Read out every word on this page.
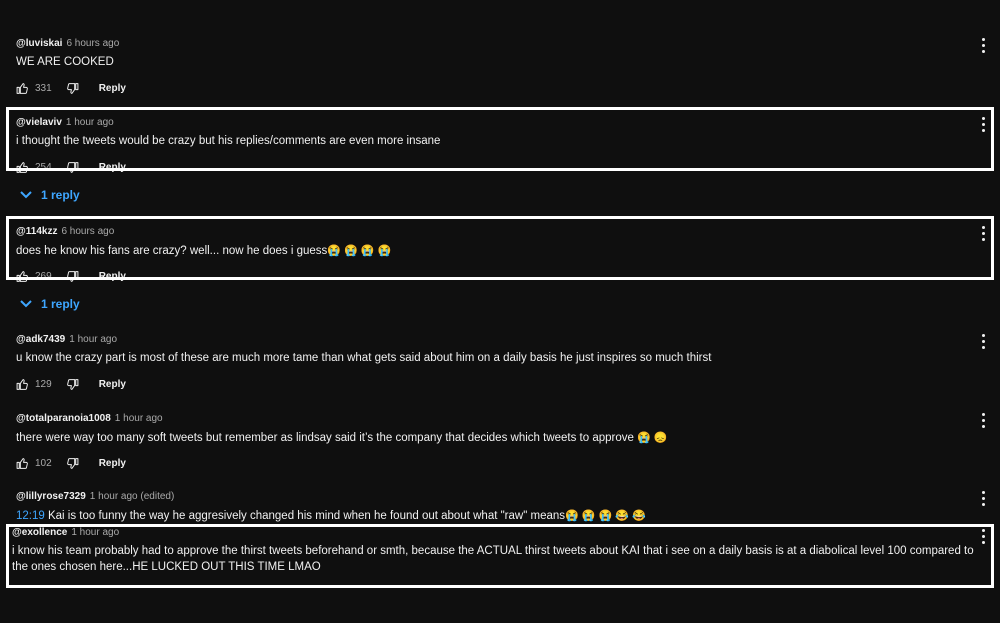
@luviskai 6 hours ago
WE ARE COOKED
331	Reply
@vielaviv 1 hour ago
i thought the tweets would be crazy but his replies/comments are even more insane
254	Reply
1 reply
@114kzz 6 hours ago
does he know his fans are crazy? well... now he does i guess😭 😭 😭 😭
269	Reply
1 reply
@adk7439 1 hour ago
u know the crazy part is most of these are much more tame than what gets said about him on a daily basis he just inspires so much thirst
129	Reply
@totalparanoia1008 1 hour ago
there were way too many soft tweets but remember as lindsay said it’s the company that decides which tweets to approve 😭 😞
102	Reply
@lillyrose7329 1 hour ago (edited)
12:19 Kai is too funny the way he aggresively changed his mind when he found out about what "raw" means😭 😭 😭 😂 😂
@exollence 1 hour ago
i know his team probably had to approve the thirst tweets beforehand or smth, because the ACTUAL thirst tweets about KAI that i see on a daily basis is at a diabolical level 100 compared to
the ones chosen here...HE LUCKED OUT THIS TIME LMAO
